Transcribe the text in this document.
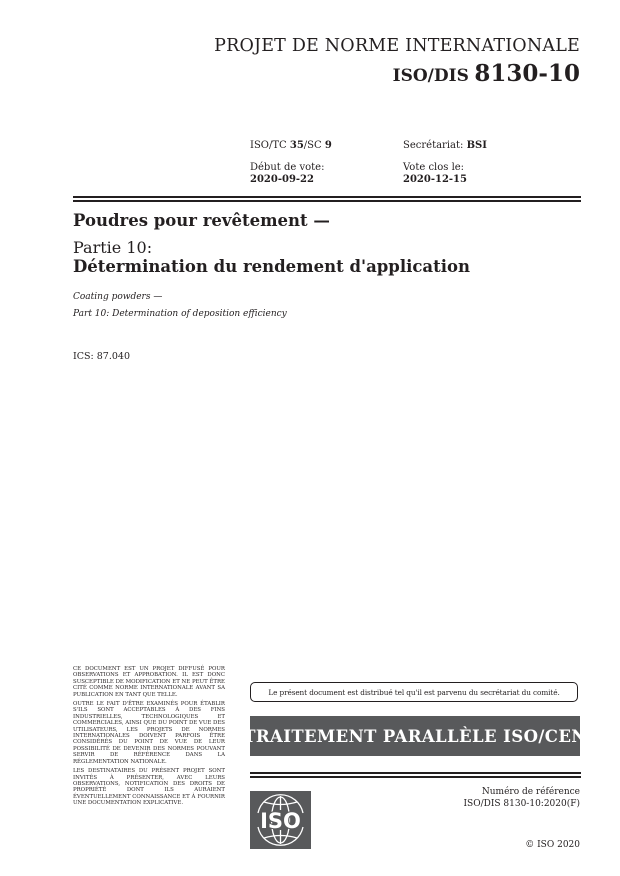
PROJET DE NORME INTERNATIONALE
ISO/DIS 8130-10
ISO/TC 35/SC 9	Secrétariat: BSI
Début de vote:
2020-09-22
Vote clos le:
2020-12-15
Poudres pour revêtement —
Partie 10:
Détermination du rendement d'application
Coating powders —
Part 10: Determination of deposition efficiency
ICS: 87.040

CE DOCUMENT EST UN PROJET DIFFUSÉ POUR OBSERVATIONS ET APPROBATION. IL EST DONC SUSCEPTIBLE DE MODIFICATION ET NE PEUT ÊTRE CITÉ COMME NORME INTERNATIONALE AVANT SA PUBLICATION EN TANT QUE TELLE.

OUTRE LE FAIT D'ÊTRE EXAMINÉS POUR ÉTABLIR S'ILS SONT ACCEPTABLES À DES FINS INDUSTRIELLES, TECHNOLOGIQUES ET COMMERCIALES, AINSI QUE DU POINT DE VUE DES UTILISATEURS, LES PROJETS DE NORMES INTERNATIONALES DOIVENT PARFOIS ÊTRE CONSIDÉRÉS DU POINT DE VUE DE LEUR POSSIBILITÉ DE DEVENIR DES NORMES POUVANT SERVIR DE RÉFÉRENCE DANS LA RÉGLEMENTATION NATIONALE.

LES DESTINATAIRES DU PRÉSENT PROJET SONT INVITÉS À PRÉSENTER, AVEC LEURS OBSERVATIONS, NOTIFICATION DES DROITS DE PROPRIÉTÉ DONT ILS AURAIENT ÉVENTUELLEMENT CONNAISSANCE ET À FOURNIR UNE DOCUMENTATION EXPLICATIVE.

Le présent document est distribué tel qu'il est parvenu du secrétariat du comité.
TRAITEMENT PARALLÈLE ISO/CEN
ISO
Numéro de référence
ISO/DIS 8130-10:2020(F)
© ISO 2020
